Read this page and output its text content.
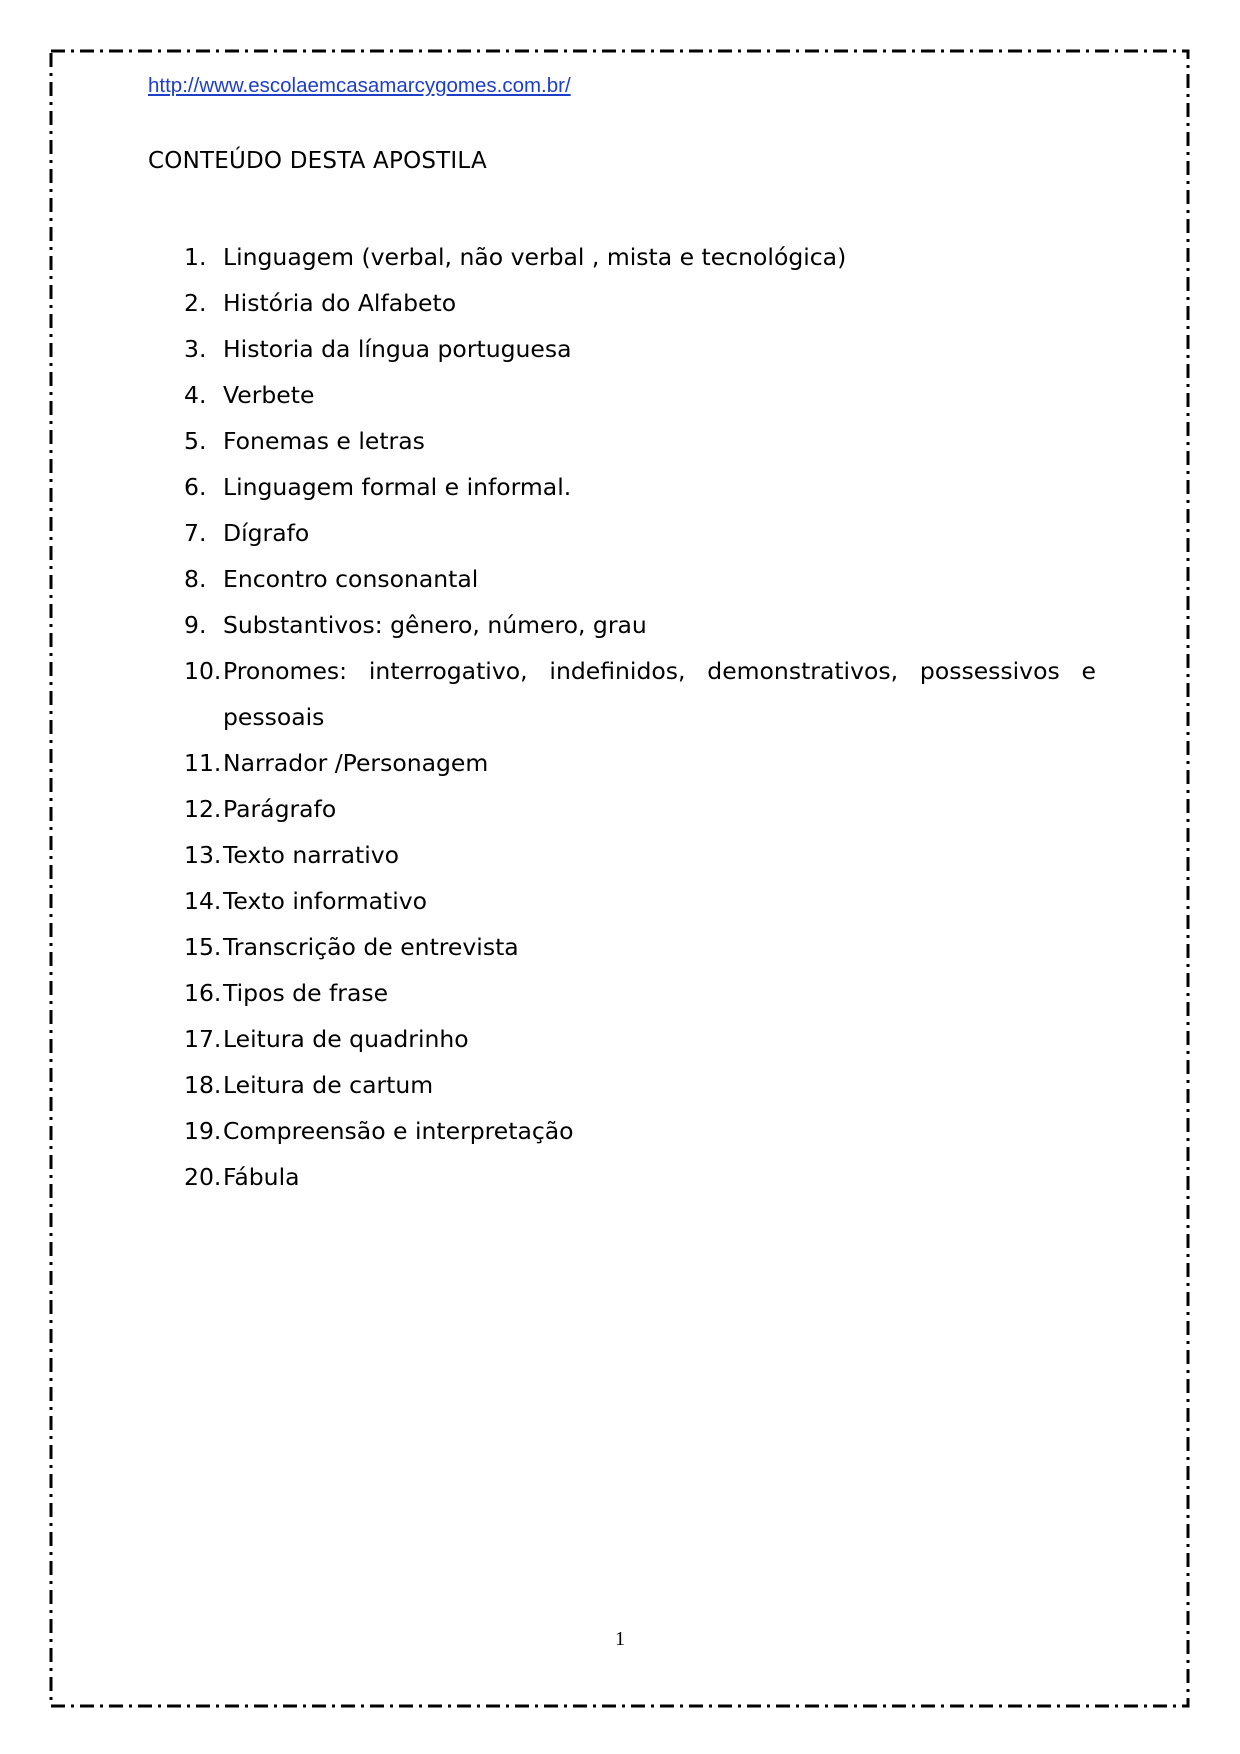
http://www.escolaemcasamarcygomes.com.br/
CONTEÚDO DESTA APOSTILA
1. Linguagem (verbal, não verbal , mista e tecnológica)
2. História do Alfabeto
3. Historia da língua portuguesa
4. Verbete
5. Fonemas e letras
6. Linguagem formal e informal.
7. Dígrafo
8. Encontro consonantal
9. Substantivos: gênero, número, grau
10. Pronomes: interrogativo, indefinidos, demonstrativos, possessivos e
pessoais
11. Narrador /Personagem
12. Parágrafo
13. Texto narrativo
14. Texto informativo
15. Transcrição de entrevista
16. Tipos de frase
17. Leitura de quadrinho
18. Leitura de cartum
19. Compreensão e interpretação
20. Fábula
1
